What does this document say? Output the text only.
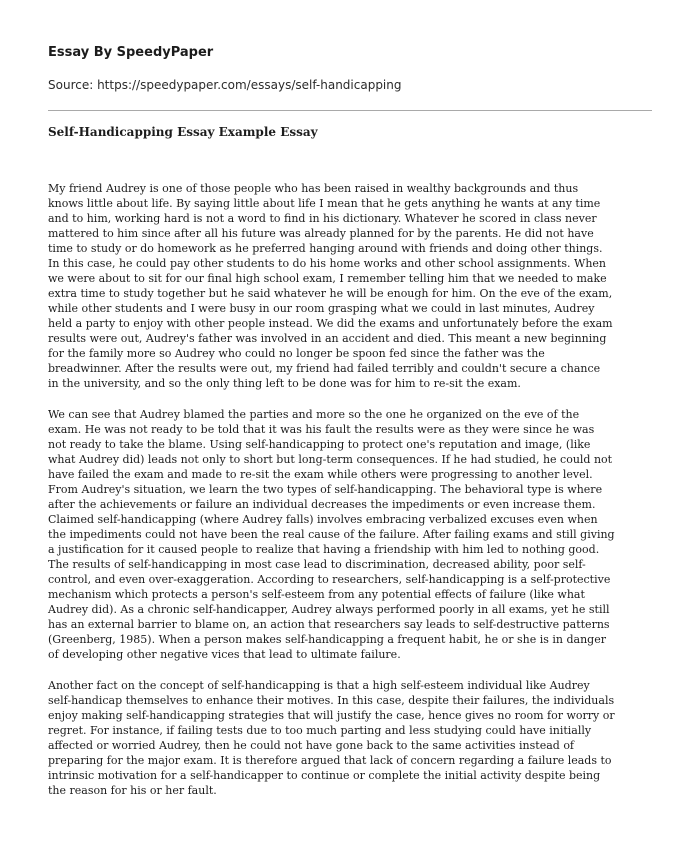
Essay By SpeedyPaper

Source: https://speedypaper.com/essays/self-handicapping

Self-Handicapping Essay Example Essay

My friend Audrey is one of those people who has been raised in wealthy backgrounds and thus
knows little about life. By saying little about life I mean that he gets anything he wants at any time
and to him, working hard is not a word to find in his dictionary. Whatever he scored in class never
mattered to him since after all his future was already planned for by the parents. He did not have
time to study or do homework as he preferred hanging around with friends and doing other things.
In this case, he could pay other students to do his home works and other school assignments. When
we were about to sit for our final high school exam, I remember telling him that we needed to make
extra time to study together but he said whatever he will be enough for him. On the eve of the exam,
while other students and I were busy in our room grasping what we could in last minutes, Audrey
held a party to enjoy with other people instead. We did the exams and unfortunately before the exam
results were out, Audrey's father was involved in an accident and died. This meant a new beginning
for the family more so Audrey who could no longer be spoon fed since the father was the
breadwinner. After the results were out, my friend had failed terribly and couldn't secure a chance
in the university, and so the only thing left to be done was for him to re-sit the exam.

We can see that Audrey blamed the parties and more so the one he organized on the eve of the
exam. He was not ready to be told that it was his fault the results were as they were since he was
not ready to take the blame. Using self-handicapping to protect one's reputation and image, (like
what Audrey did) leads not only to short but long-term consequences. If he had studied, he could not
have failed the exam and made to re-sit the exam while others were progressing to another level.
From Audrey's situation, we learn the two types of self-handicapping. The behavioral type is where
after the achievements or failure an individual decreases the impediments or even increase them.
Claimed self-handicapping (where Audrey falls) involves embracing verbalized excuses even when
the impediments could not have been the real cause of the failure. After failing exams and still giving
a justification for it caused people to realize that having a friendship with him led to nothing good.
The results of self-handicapping in most case lead to discrimination, decreased ability, poor self-
control, and even over-exaggeration. According to researchers, self-handicapping is a self-protective
mechanism which protects a person's self-esteem from any potential effects of failure (like what
Audrey did). As a chronic self-handicapper, Audrey always performed poorly in all exams, yet he still
has an external barrier to blame on, an action that researchers say leads to self-destructive patterns
(Greenberg, 1985). When a person makes self-handicapping a frequent habit, he or she is in danger
of developing other negative vices that lead to ultimate failure.

Another fact on the concept of self-handicapping is that a high self-esteem individual like Audrey
self-handicap themselves to enhance their motives. In this case, despite their failures, the individuals
enjoy making self-handicapping strategies that will justify the case, hence gives no room for worry or
regret. For instance, if failing tests due to too much parting and less studying could have initially
affected or worried Audrey, then he could not have gone back to the same activities instead of
preparing for the major exam. It is therefore argued that lack of concern regarding a failure leads to
intrinsic motivation for a self-handicapper to continue or complete the initial activity despite being
the reason for his or her fault.
